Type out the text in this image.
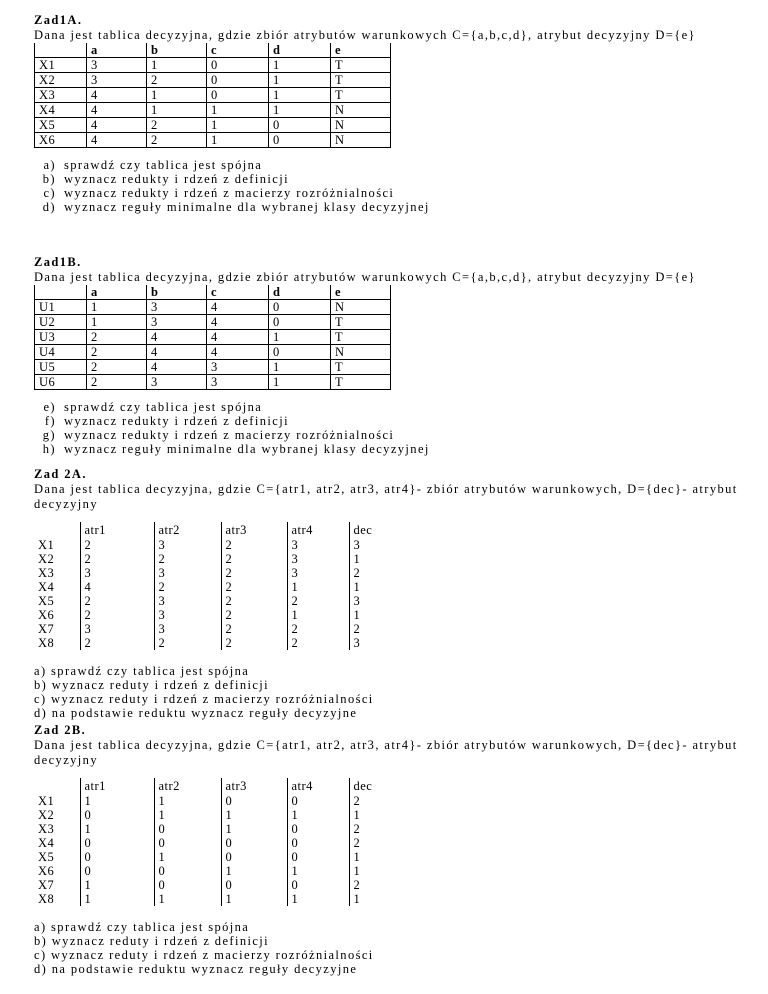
Zad1A.
Dana jest tablica decyzyjna, gdzie zbiór atrybutów warunkowych C={a,b,c,d}, atrybut decyzyjny D={e}
	a	b	c	d	e
X1	3	1	0	1	T
X2	3	2	0	1	T
X3	4	1	0	1	T
X4	4	1	1	1	N
X5	4	2	1	0	N
X6	4	2	1	0	N
a) sprawdź czy tablica jest spójna
b) wyznacz redukty i rdzeń z definicji
c) wyznacz redukty i rdzeń z macierzy rozróżnialności
d) wyznacz reguły minimalne dla wybranej klasy decyzyjnej
Zad1B.
Dana jest tablica decyzyjna, gdzie zbiór atrybutów warunkowych C={a,b,c,d}, atrybut decyzyjny D={e}
	a	b	c	d	e
U1	1	3	4	0	N
U2	1	3	4	0	T
U3	2	4	4	1	T
U4	2	4	4	0	N
U5	2	4	3	1	T
U6	2	3	3	1	T
e) sprawdź czy tablica jest spójna
f) wyznacz redukty i rdzeń z definicji
g) wyznacz redukty i rdzeń z macierzy rozróżnialności
h) wyznacz reguły minimalne dla wybranej klasy decyzyjnej
Zad 2A.
Dana jest tablica decyzyjna, gdzie C={atr1, atr2, atr3, atr4}- zbiór atrybutów warunkowych, D={dec}- atrybut decyzyjny
	atr1	atr2	atr3	atr4	dec
X1	2	3	2	3	3
X2	2	2	2	3	1
X3	3	3	2	3	2
X4	4	2	2	1	1
X5	2	3	2	2	3
X6	2	3	2	1	1
X7	3	3	2	2	2
X8	2	2	2	2	3
a) sprawdź czy tablica jest spójna
b) wyznacz reduty i rdzeń z definicji
c) wyznacz reduty i rdzeń z macierzy rozróżnialności
d) na podstawie reduktu wyznacz reguły decyzyjne
Zad 2B.
Dana jest tablica decyzyjna, gdzie C={atr1, atr2, atr3, atr4}- zbiór atrybutów warunkowych, D={dec}- atrybut decyzyjny
	atr1	atr2	atr3	atr4	dec
X1	1	1	0	0	2
X2	0	1	1	1	1
X3	1	0	1	0	2
X4	0	0	0	0	2
X5	0	1	0	0	1
X6	0	0	1	1	1
X7	1	0	0	0	2
X8	1	1	1	1	1
a) sprawdź czy tablica jest spójna
b) wyznacz reduty i rdzeń z definicji
c) wyznacz reduty i rdzeń z macierzy rozróżnialności
d) na podstawie reduktu wyznacz reguły decyzyjne
